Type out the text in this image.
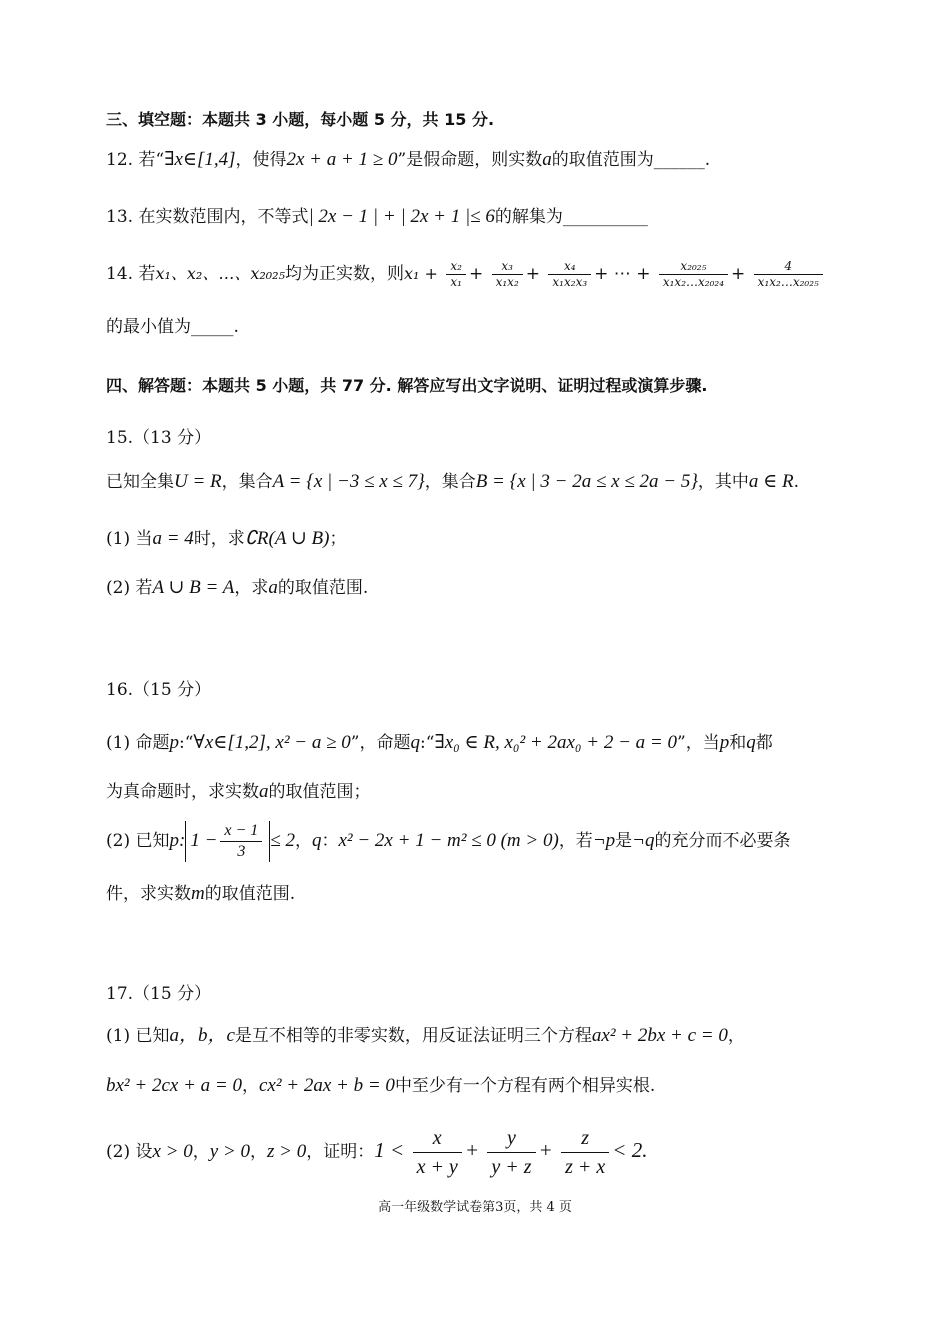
三、填空题：本题共 3 小题，每小题 5 分，共 15 分.
12. 若“∃x∈[1,4]，使得2x + a + 1 ≥ 0”是假命题，则实数a的取值范围为______.
13. 在实数范围内，不等式| 2x − 1 | + | 2x + 1 |≤ 6的解集为__________
14. 若x₁、x₂、…、x₂₀₂₅均为正实数，则$x_1 + \frac{\text{x₂}}{\text{x₁}} + \frac{\text{x₃}}{\text{x₁x₂}} + \frac{\text{x₄}}{\text{x₁x₂x₃}}$ + ⋯ + $\frac{\text{x₂₀₂₅}}{\text{x₁x₂…x₂₀₂₄}} + \frac{4}{\text{x₁x₂…x₂₀₂₅}}$
的最小值为_____.
四、解答题：本题共 5 小题，共 77 分. 解答应写出文字说明、证明过程或演算步骤.
15.（13 分）
已知全集U = R，集合A = {x | −3 ≤ x ≤ 7}，集合B = {x | 3 − 2a ≤ x ≤ 2a − 5}，其中a ∈ R.
(1) 当a = 4时，求∁R(A ∪ B)；
(2) 若A ∪ B = A，求a的取值范围.
16.（15 分）
(1) 命题p:“∀x∈[1,2], x² − a ≥ 0”，命题q:“∃x₀ ∈ R, x₀² + 2ax₀ + 2 − a = 0”，当p和q都
为真命题时，求实数a的取值范围；
(2) 已知p: $1 - \frac{x - 1}{3} \le 2$，q：x² − 2x + 1 − m² ≤ 0 (m > 0)，若¬p是¬q的充分而不必要条
件，求实数m的取值范围.
17.（15 分）
(1) 已知a，b，c是互不相等的非零实数，用反证法证明三个方程ax² + 2bx + c = 0，
bx² + 2cx + a = 0，cx² + 2ax + b = 0中至少有一个方程有两个相异实根.
(2) 设x > 0，y > 0，z > 0，证明：$1 < \frac{x}{x + y} + \frac{y}{y + z} + \frac{z}{z + x} < 2$.
高一年级数学试卷第3页，共 4 页
